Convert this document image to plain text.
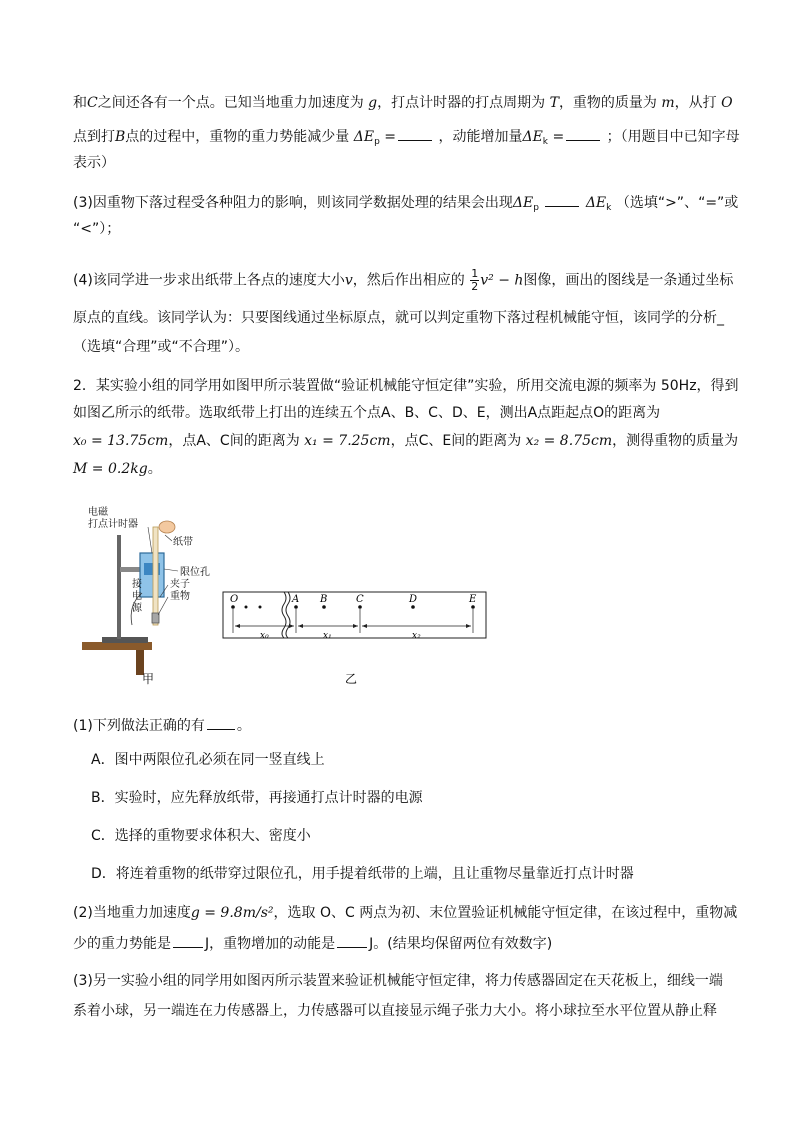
和C之间还各有一个点。已知当地重力加速度为 g，打点计时器的打点周期为 T，重物的质量为 m，从打 O
点到打B点的过程中，重物的重力势能减少量 $\Delta E_p$ =	，动能增加量$\Delta E_k$ =	；（用题目中已知字母
表示）
(3)因重物下落过程受各种阻力的影响，则该同学数据处理的结果会出现$\Delta E_p$	$\Delta E_k$ （选填“>”、“=”或
“<”）；
(4)该同学进一步求出纸带上各点的速度大小v，然后作出相应的 $\frac{1}{2} v^2 - h$图像，画出的图线是一条通过坐标
原点的直线。该同学认为：只要图线通过坐标原点，就可以判定重物下落过程机械能守恒，该同学的分析_
（选填“合理”或“不合理”）。
2．某实验小组的同学用如图甲所示装置做“验证机械能守恒定律”实验，所用交流电源的频率为 50Hz，得到
如图乙所示的纸带。选取纸带上打出的连续五个点A、B、C、D、E，测出A点距起点O的距离为
x₀ = 13.75cm，点A、C间的距离为 x₁ = 7.25cm，点C、E间的距离为 x₂ = 8.75cm，测得重物的质量为
M = 0.2kg。
电磁
打点计时器
纸带
限位孔
夹子
重物
接
电
源
甲
O	A B	C	D	E
x₀	x₁	x₂
乙
(1)下列做法正确的有 。
A．图中两限位孔必须在同一竖直线上
B．实验时，应先释放纸带，再接通打点计时器的电源
C．选择的重物要求体积大、密度小
D．将连着重物的纸带穿过限位孔，用手提着纸带的上端，且让重物尽量靠近打点计时器
(2)当地重力加速度g = 9.8m/s²，选取 O、C 两点为初、末位置验证机械能守恒定律，在该过程中，重物减
少的重力势能是 J，重物增加的动能是 J。(结果均保留两位有效数字)
(3)另一实验小组的同学用如图丙所示装置来验证机械能守恒定律，将力传感器固定在天花板上，细线一端
系着小球，另一端连在力传感器上，力传感器可以直接显示绳子张力大小。将小球拉至水平位置从静止释
